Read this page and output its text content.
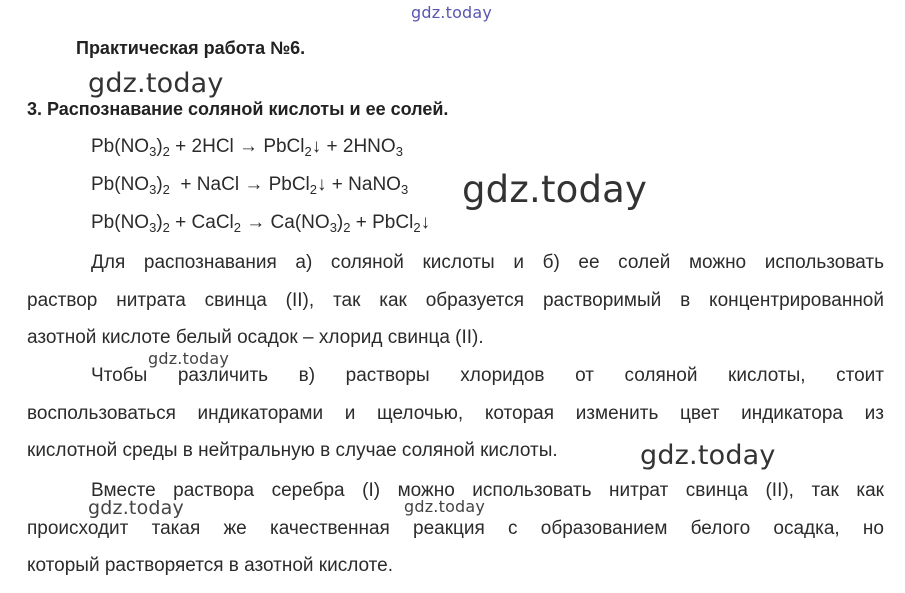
gdz.today
gdz.today
gdz.today
gdz.today
gdz.today
gdz.today	gdz.today
Практическая работа №6.
3. Распознавание соляной кислоты и ее солей.
$Pb(NO_3)_2 + 2HCl$ → PbCl$_2$↓ + $2HNO_3$
$Pb(NO_3)_2$  + NaCl → PbCl$_2$↓ + NaNO$_3$
$Pb(NO_3)_2$ + CaCl$_2$ → $Ca(NO_3)_2$ + PbCl$_2$↓
Для распознавания а) соляной кислоты и б) ее солей можно использовать
раствор нитрата свинца (II), так как образуется растворимый в концентрированной
азотной кислоте белый осадок – хлорид свинца (II).
Чтобы различить в) растворы хлоридов от соляной кислоты, стоит
воспользоваться индикаторами и щелочью, которая изменить цвет индикатора из
кислотной среды в нейтральную в случае соляной кислоты.
Вместе раствора серебра (I) можно использовать нитрат свинца (II), так как
происходит такая же качественная реакция с образованием белого осадка, но
который растворяется в азотной кислоте.
